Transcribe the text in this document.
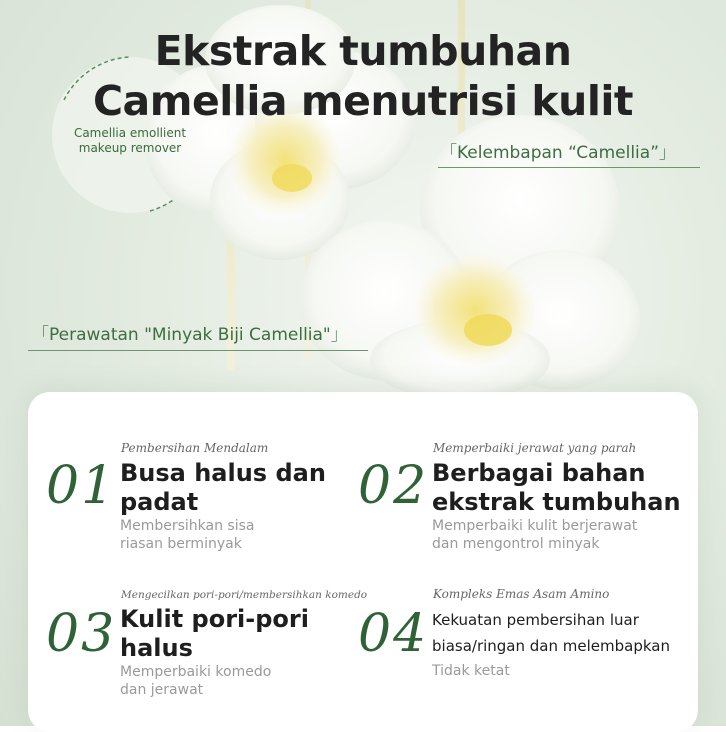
Ekstrak tumbuhan
Camellia menutrisi kulit
Camellia emollient
makeup remover	「Kelembapan “Camellia”」
「Perawatan "Minyak Biji Camellia"」
01
Pembersihan Mendalam
Busa halus dan
padat
Membersihkan sisa
riasan berminyak
02
Memperbaiki jerawat yang parah
Berbagai bahan
ekstrak tumbuhan
Memperbaiki kulit berjerawat
dan mengontrol minyak
03
Mengecilkan pori-pori/membersihkan komedo
Kulit pori-pori
halus
Memperbaiki komedo
dan jerawat
04
Kompleks Emas Asam Amino
Kekuatan pembersihan luar
biasa/ringan dan melembapkan
Tidak ketat
